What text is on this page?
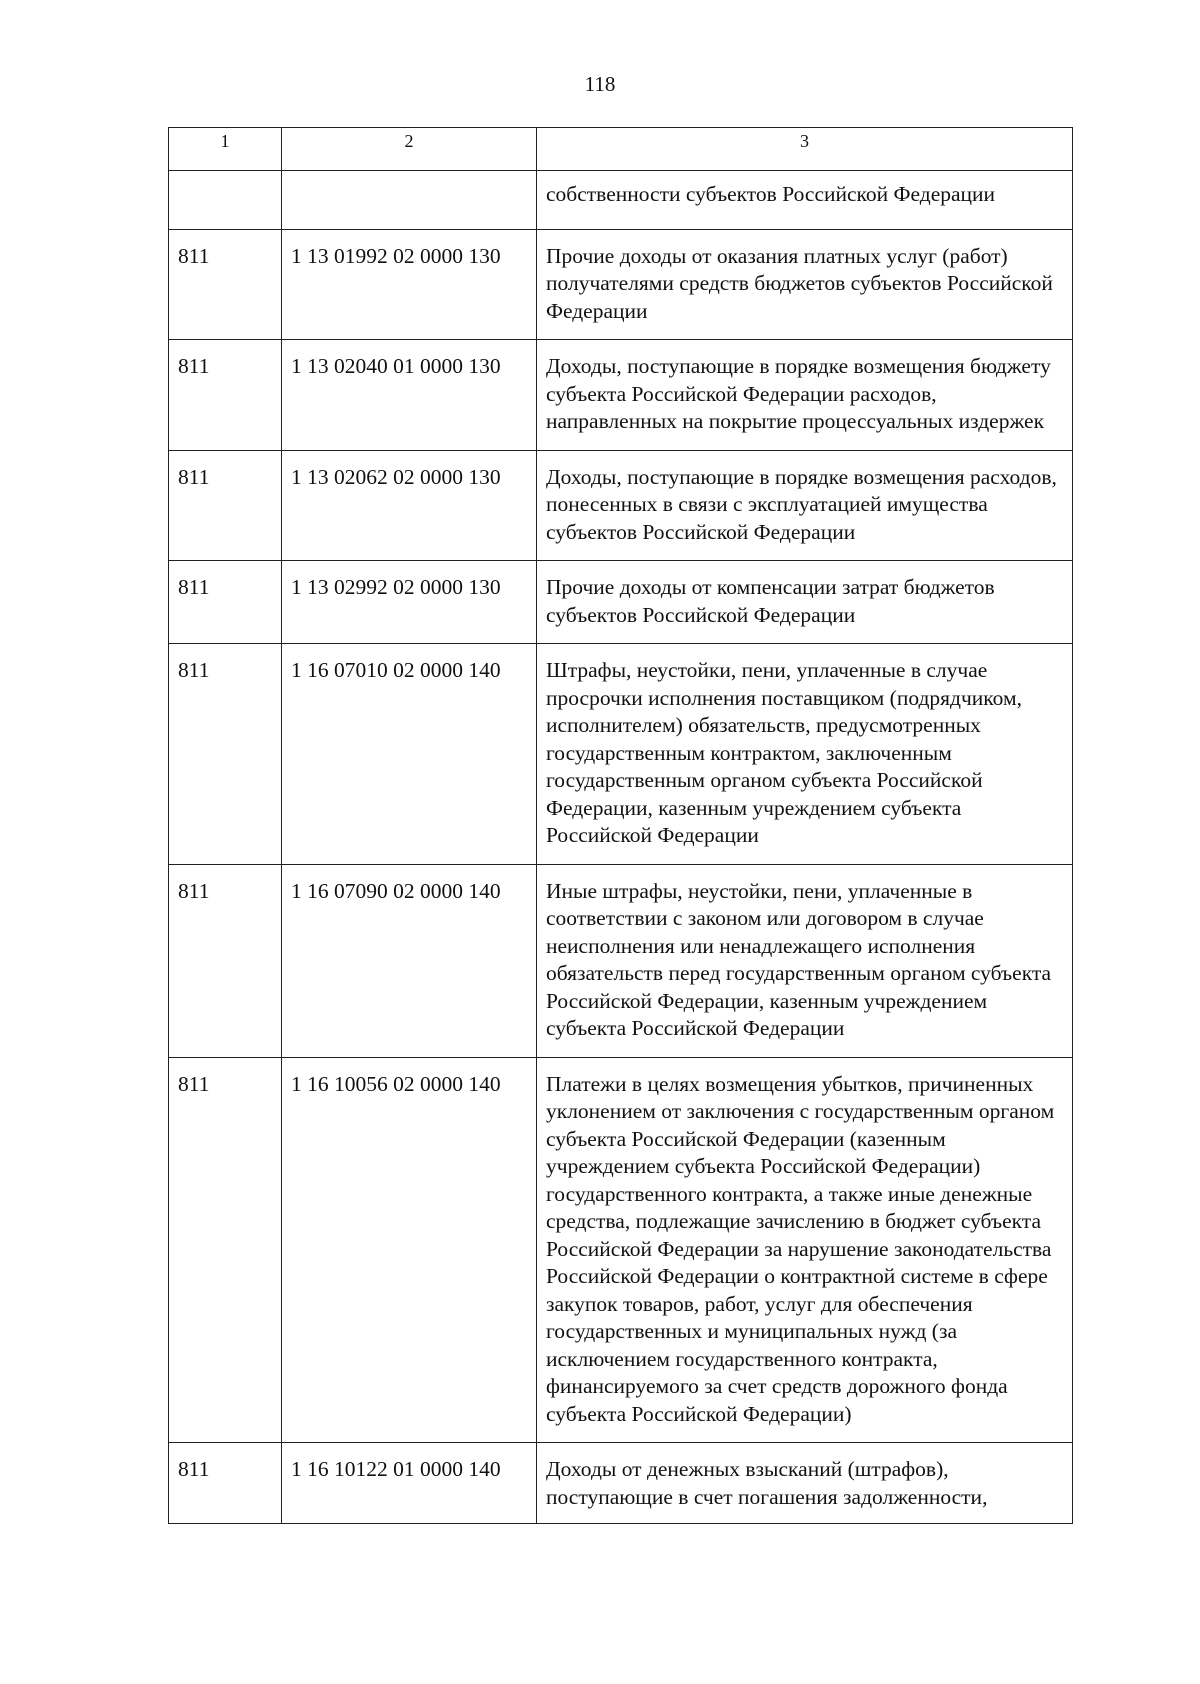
118
1	2	3
		собственности субъектов Российской Федерации
811	1 13 01992 02 0000 130	Прочие доходы от оказания платных услуг (работ) получателями средств бюджетов субъектов Российской Федерации
811	1 13 02040 01 0000 130	Доходы, поступающие в порядке возмещения бюджету субъекта Российской Федерации расходов, направленных на покрытие процессуальных издержек
811	1 13 02062 02 0000 130	Доходы, поступающие в порядке возмещения расходов, понесенных в связи с эксплуатацией имущества субъектов Российской Федерации
811	1 13 02992 02 0000 130	Прочие доходы от компенсации затрат бюджетов субъектов Российской Федерации
811	1 16 07010 02 0000 140	Штрафы, неустойки, пени, уплаченные в случае просрочки исполнения поставщиком (подрядчиком, исполнителем) обязательств, предусмотренных государственным контрактом, заключенным государственным органом субъекта Российской Федерации, казенным учреждением субъекта Российской Федерации
811	1 16 07090 02 0000 140	Иные штрафы, неустойки, пени, уплаченные в соответствии с законом или договором в случае неисполнения или ненадлежащего исполнения обязательств перед государственным органом субъекта Российской Федерации, казенным учреждением субъекта Российской Федерации
811	1 16 10056 02 0000 140	Платежи в целях возмещения убытков, причиненных уклонением от заключения с государственным органом субъекта Российской Федерации (казенным учреждением субъекта Российской Федерации) государственного контракта, а также иные денежные средства, подлежащие зачислению в бюджет субъекта Российской Федерации за нарушение законодательства Российской Федерации о контрактной системе в сфере закупок товаров, работ, услуг для обеспечения государственных и муниципальных нужд (за исключением государственного контракта, финансируемого за счет средств дорожного фонда субъекта Российской Федерации)
811	1 16 10122 01 0000 140	Доходы от денежных взысканий (штрафов), поступающие в счет погашения задолженности,
